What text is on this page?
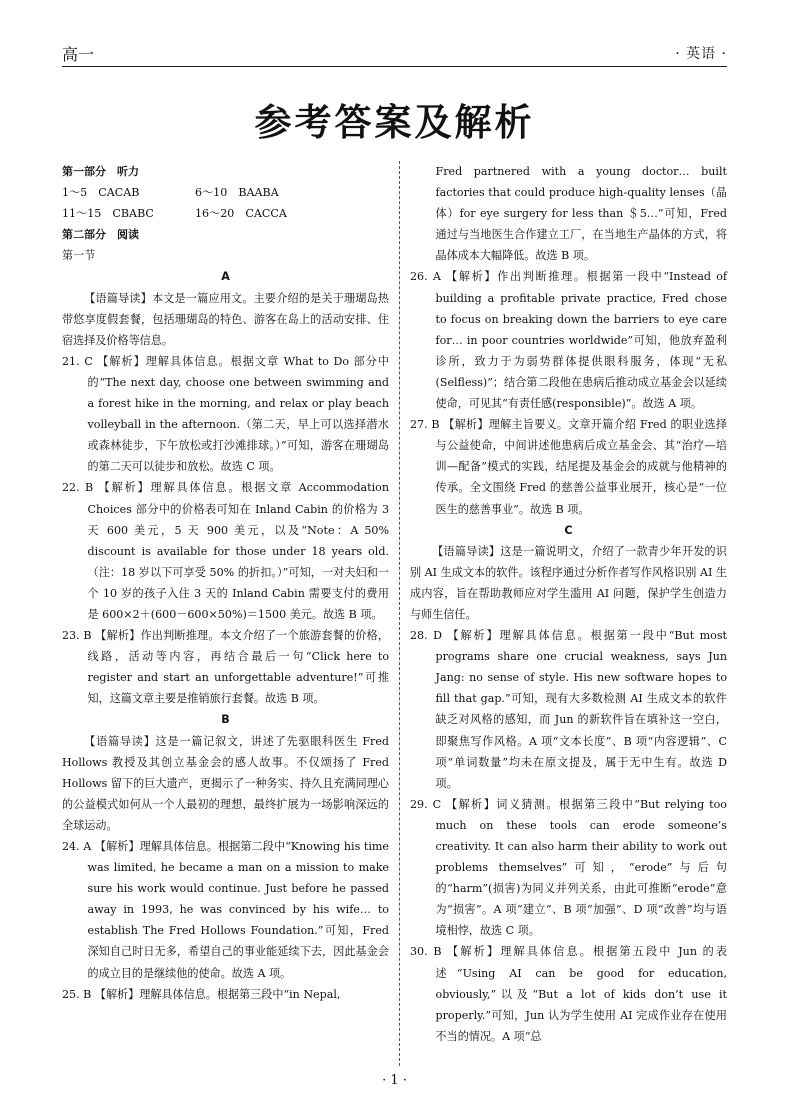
高一	· 英语 ·
参考答案及解析

第一部分　听力

1～5　CACAB	6～10　BAABA
11～15　CBABC	16～20　CACCA

第二部分　阅读

第一节

A

【语篇导读】本文是一篇应用文。主要介绍的是关于珊瑚岛热带悠享度假套餐，包括珊瑚岛的特色、游客在岛上的活动安排、住宿选择及价格等信息。

21. C 【解析】理解具体信息。根据文章 What to Do 部分中的“The next day, choose one between swimming and a forest hike in the morning, and relax or play beach volleyball in the afternoon.（第二天，早上可以选择潜水或森林徒步，下午放松或打沙滩排球。）”可知，游客在珊瑚岛的第二天可以徒步和放松。故选 C 项。

22. B 【解析】理解具体信息。根据文章 Accommodation Choices 部分中的价格表可知在 Inland Cabin 的价格为 3 天 600 美元，5 天 900 美元，以及“Note：A 50% discount is available for those under 18 years old.（注：18 岁以下可享受 50% 的折扣。）”可知，一对夫妇和一个 10 岁的孩子入住 3 天的 Inland Cabin 需要支付的费用是 600×2＋(600－600×50%)＝1500 美元。故选 B 项。

23. B 【解析】作出判断推理。本文介绍了一个旅游套餐的价格，线路，活动等内容，再结合最后一句“Click here to register and start an unforgettable adventure!”可推知，这篇文章主要是推销旅行套餐。故选 B 项。

B

【语篇导读】这是一篇记叙文，讲述了先驱眼科医生 Fred Hollows 教授及其创立基金会的感人故事。不仅颂扬了 Fred Hollows 留下的巨大遗产，更揭示了一种务实、持久且充满同理心的公益模式如何从一个人最初的理想，最终扩展为一场影响深远的全球运动。

24. A 【解析】理解具体信息。根据第二段中“Knowing his time was limited, he became a man on a mission to make sure his work would continue. Just before he passed away in 1993, he was convinced by his wife… to establish The Fred Hollows Foundation.”可知，Fred 深知自己时日无多，希望自己的事业能延续下去，因此基金会的成立目的是继续他的使命。故选 A 项。

25. B 【解析】理解具体信息。根据第三段中“in Nepal,

Fred partnered with a young doctor… built factories that could produce high-quality lenses（晶体）for eye surgery for less than ＄5…”可知，Fred 通过与当地医生合作建立工厂，在当地生产晶体的方式，将晶体成本大幅降低。故选 B 项。

26. A 【解析】作出判断推理。根据第一段中“Instead of building a profitable private practice, Fred chose to focus on breaking down the barriers to eye care for… in poor countries worldwide”可知，他放弃盈利诊所，致力于为弱势群体提供眼科服务，体现“无私(Selfless)”；结合第二段他在患病后推动成立基金会以延续使命，可见其“有责任感(responsible)”。故选 A 项。

27. B 【解析】理解主旨要义。文章开篇介绍 Fred 的职业选择与公益使命，中间讲述他患病后成立基金会、其“治疗—培训—配备”模式的实践，结尾提及基金会的成就与他精神的传承。全文围绕 Fred 的慈善公益事业展开，核心是“一位医生的慈善事业”。故选 B 项。

C

【语篇导读】这是一篇说明文，介绍了一款青少年开发的识别 AI 生成文本的软件。该程序通过分析作者写作风格识别 AI 生成内容，旨在帮助教师应对学生滥用 AI 问题，保护学生创造力与师生信任。

28. D 【解析】理解具体信息。根据第一段中“But most programs share one crucial weakness, says Jun Jang: no sense of style. His new software hopes to fill that gap.”可知，现有大多数检测 AI 生成文本的软件缺乏对风格的感知，而 Jun 的新软件旨在填补这一空白，即聚焦写作风格。A 项“文本长度”、B 项“内容逻辑”、C 项“单词数量”均未在原文提及，属于无中生有。故选 D 项。

29. C 【解析】词义猜测。根据第三段中“But relying too much on these tools can erode someone’s creativity. It can also harm their ability to work out problems themselves”可知，“erode”与后句的“harm”(损害)为同义并列关系，由此可推断“erode”意为“损害”。A 项“建立”、B 项“加强”、D 项“改善”均与语境相悖，故选 C 项。

30. B 【解析】理解具体信息。根据第五段中 Jun 的表述“Using AI can be good for education, obviously,”以及“But a lot of kids don’t use it properly.”可知，Jun 认为学生使用 AI 完成作业存在使用不当的情况。A 项“总

· 1 ·
